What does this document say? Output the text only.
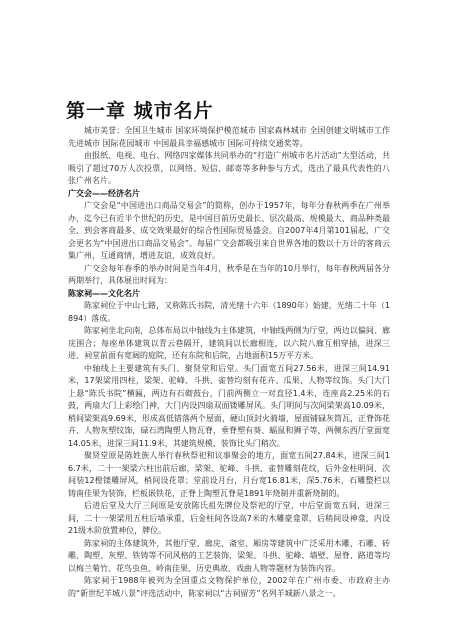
第一章 城市名片

城市美誉：全国卫生城市 国家环境保护模范城市 国家森林城市 全国创建文明城市工作先进城市 国际花园城市 中国最具幸福感城市 国际可持续交通奖等。

由报纸、电视、电台、网络四家媒体共同举办的“打造广州城市名片活动”大型活动，共吸引了超过70万人次投票，以网络、短信、邮寄等多种参与方式，选出了最具代表性的八张广州名片。

广交会——经济名片

广交会是“中国进出口商品交易会”的简称，创办于1957年，每年分春秋两季在广州举办，迄今已有近半个世纪的历史，是中国目前历史最长、层次最高、规模最大、商品种类最全、到会客商最多、成交效果最好的综合性国际贸易盛会。自2007年4月第101届起，广交会更名为“中国进出口商品交易会”。每届广交会都吸引来自世界各地的数以十万计的客商云集广州，互通商情，增进友谊，成效良好。

广交会每年春季的举办时间是当年4月，秋季是在当年的10月举行，每年春秋两届各分两期举行，具体展出时间为：

陈家祠——文化名片

陈家祠位于中山七路，又称陈氏书院，清光绪十六年（1890年）始建，光绪二十年（1894）落成。

陈家祠坐北向南，总体布局以中轴线为主体建筑，中轴线两侧为厅堂，两边以偏间、廊庑围合；每座单体建筑以青云巷隔开，建筑间以长廊相连，以六院八廊互相穿插，进深三进、祠堂前面有宽阔的庭院，还有东院和后院，占地面积15万平方米。

中轴线上主要建筑有头门、聚贤堂和后堂。头门面宽五间27.56米，进深三间14.91米，17架梁用四柱，梁架、驼峰、斗拱、雀替均刻有花卉、瓜果、人物等纹饰。头门大门上悬“陈氏书院”横匾，两边有石砌鼓台，门前两侧立一对直径1.4米，连座高2.25米的石鼓，两扇大门上彩绘门神，大门内设四扇双面镂雕屏风。头门明间与次间梁架高10.09米，梢间梁架高9.69米，形成高低错落两个屋面，硬山顶封火骑墙，屋面铺碌灰筒瓦，正脊饰花卉、人物灰塑纹饰，碌石湾陶塑人物瓦脊，垂脊塑有葵、蝠鼠和狮子等，两侧东西厅堂面宽14.05米，进深三间11.9米，其建筑规模、装饰比头门稍次。

聚贤堂原是陈姓族人举行春秋祭祀和议事聚会的地方，面宽五间27.84米，进深三间16.7米，二十一架梁六柱出前后廊，梁架、驼峰、斗拱、雀替雕刻花纹，后外金柱明间、次间装12樘镂雕屏风，梢间设花罩；堂前设月台，月台宽16.81米，深5.76米，石雕整栏以铸南佳果为装饰，栏板嵌铁花，正脊上陶塑瓦脊是1891年烧制并重新烧制的。

后进后堂及大厅三间原是安放陈氏祖先牌位及祭祀的厅堂，中后堂面宽五间，进深三间，二十一架梁用五柱后墙承重，后金柱间各设高7米的木雕豪龛罩，后稍间设神龛，内设21级木阶放置神位，牌位。

陈家祠的主体建筑外，其他厅堂、廊庑、斋室、厢房等建筑中广泛采用木雕、石雕、砖雕、陶塑、灰塑、铁铸等不同风格的工艺装饰，梁架、斗拱、驼峰、墙壁、屋脊、路道等均以梅兰菊竹、花鸟虫鱼、岭南佳果、历史典故、戏曲人物等题材为装饰内容。

陈家祠于1988年被列为全国重点文物保护单位，2002年在广州市委、市政府主办的“新世纪羊城八景”评选活动中，陈家祠以“古祠留芳”名列羊城新八景之一。
